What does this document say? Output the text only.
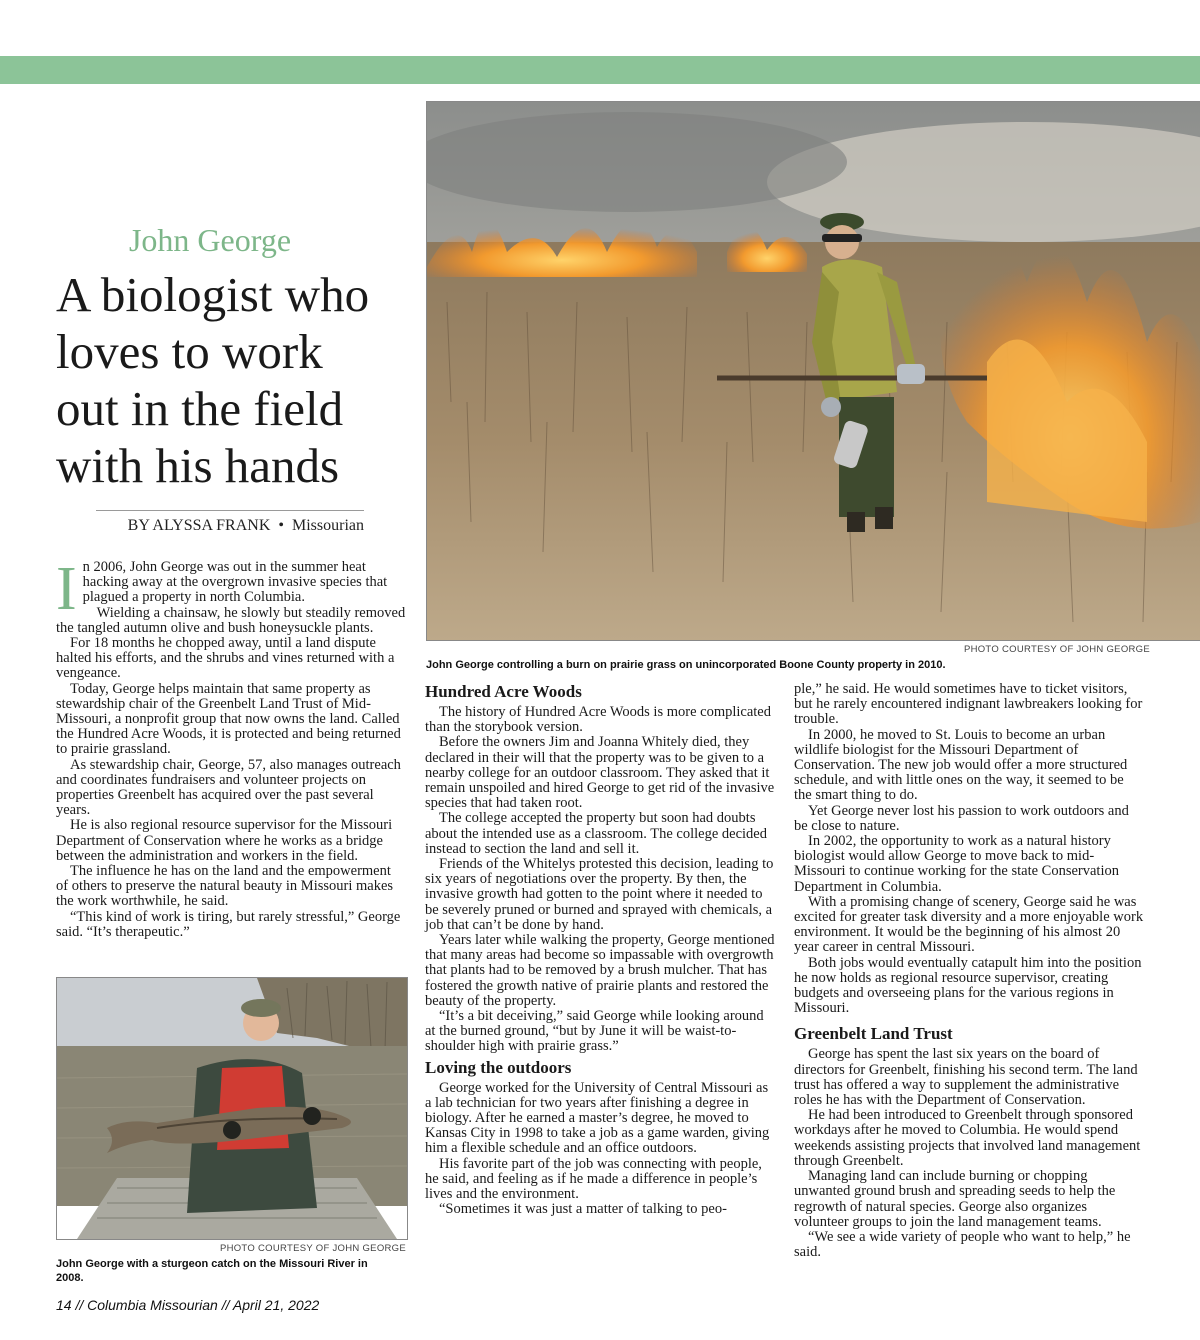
John George
A biologist who loves to work out in the field with his hands
BY ALYSSA FRANK • Missourian
PHOTO COURTESY OF JOHN GEORGE
John George controlling a burn on prairie grass on unincorporated Boone County property in 2010.
PHOTO COURTESY OF JOHN GEORGE
John George with a sturgeon catch on the Missouri River in 2008.

In 2006, John George was out in the summer heat hacking away at the overgrown invasive species that plagued a property in north Columbia.

Wielding a chainsaw, he slowly but steadily removed the tangled autumn olive and bush honeysuckle plants.

For 18 months he chopped away, until a land dispute halted his efforts, and the shrubs and vines returned with a vengeance.

Today, George helps maintain that same property as stewardship chair of the Greenbelt Land Trust of Mid-Missouri, a nonprofit group that now owns the land. Called the Hundred Acre Woods, it is protected and being returned to prairie grassland.

As stewardship chair, George, 57, also manages outreach and coordinates fundraisers and volunteer projects on properties Greenbelt has acquired over the past several years.

He is also regional resource supervisor for the Missouri Department of Conservation where he works as a bridge between the administration and workers in the field.

The influence he has on the land and the empowerment of others to preserve the natural beauty in Missouri makes the work worthwhile, he said.

“This kind of work is tiring, but rarely stressful,” George said. “It’s therapeutic.”

Hundred Acre Woods

The history of Hundred Acre Woods is more complicated than the storybook version.

Before the owners Jim and Joanna Whitely died, they declared in their will that the property was to be given to a nearby college for an outdoor classroom. They asked that it remain unspoiled and hired George to get rid of the invasive species that had taken root.

The college accepted the property but soon had doubts about the intended use as a classroom. The college decided instead to section the land and sell it.

Friends of the Whitelys protested this decision, leading to six years of negotiations over the property. By then, the invasive growth had gotten to the point where it needed to be severely pruned or burned and sprayed with chemicals, a job that can’t be done by hand.

Years later while walking the property, George mentioned that many areas had become so impassable with overgrowth that plants had to be removed by a brush mulcher. That has fostered the growth native of prairie plants and restored the beauty of the property.

“It’s a bit deceiving,” said George while looking around at the burned ground, “but by June it will be waist-to-shoulder high with prairie grass.”

Loving the outdoors

George worked for the University of Central Missouri as a lab technician for two years after finishing a degree in biology. After he earned a master’s degree, he moved to Kansas City in 1998 to take a job as a game warden, giving him a flexible schedule and an office outdoors.

His favorite part of the job was connecting with people, he said, and feeling as if he made a difference in people’s lives and the environment.

“Sometimes it was just a matter of talking to peo-

ple,” he said. He would sometimes have to ticket visitors, but he rarely encountered indignant lawbreakers looking for trouble.

In 2000, he moved to St. Louis to become an urban wildlife biologist for the Missouri Department of Conservation. The new job would offer a more structured schedule, and with little ones on the way, it seemed to be the smart thing to do.

Yet George never lost his passion to work outdoors and be close to nature.

In 2002, the opportunity to work as a natural history biologist would allow George to move back to mid-Missouri to continue working for the state Conservation Department in Columbia.

With a promising change of scenery, George said he was excited for greater task diversity and a more enjoyable work environment. It would be the beginning of his almost 20 year career in central Missouri.

Both jobs would eventually catapult him into the position he now holds as regional resource supervisor, creating budgets and overseeing plans for the various regions in Missouri.

Greenbelt Land Trust

George has spent the last six years on the board of directors for Greenbelt, finishing his second term. The land trust has offered a way to supplement the administrative roles he has with the Department of Conservation.

He had been introduced to Greenbelt through sponsored workdays after he moved to Columbia. He would spend weekends assisting projects that involved land management through Greenbelt.

Managing land can include burning or chopping unwanted ground brush and spreading seeds to help the regrowth of natural species. George also organizes volunteer groups to join the land management teams.

“We see a wide variety of people who want to help,” he said.

14 // Columbia Missourian // April 21, 2022
